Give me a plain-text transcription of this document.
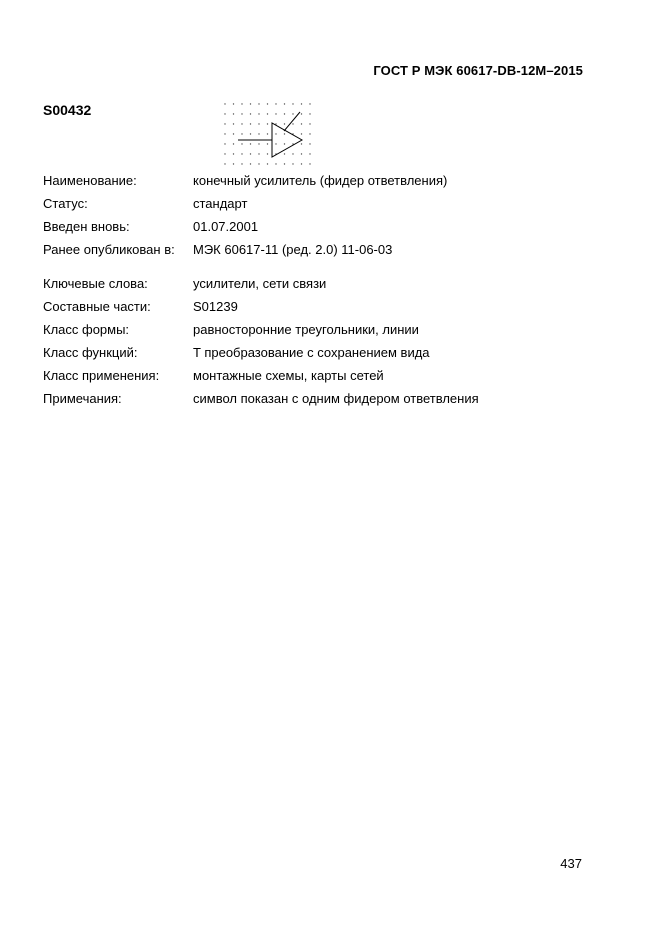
ГОСТ Р МЭК 60617-DB-12М–2015
S00432
Наименование:	конечный усилитель (фидер ответвления)
Статус:	стандарт
Введен вновь:	01.07.2001
Ранее опубликован в:	МЭК 60617-11 (ред. 2.0) 11-06-03
Ключевые слова:	усилители, сети связи
Составные части:	S01239
Класс формы:	равносторонние треугольники, линии
Класс функций:	T преобразование с сохранением вида
Класс применения:	монтажные схемы, карты сетей
Примечания:	символ показан с одним фидером ответвления
437
